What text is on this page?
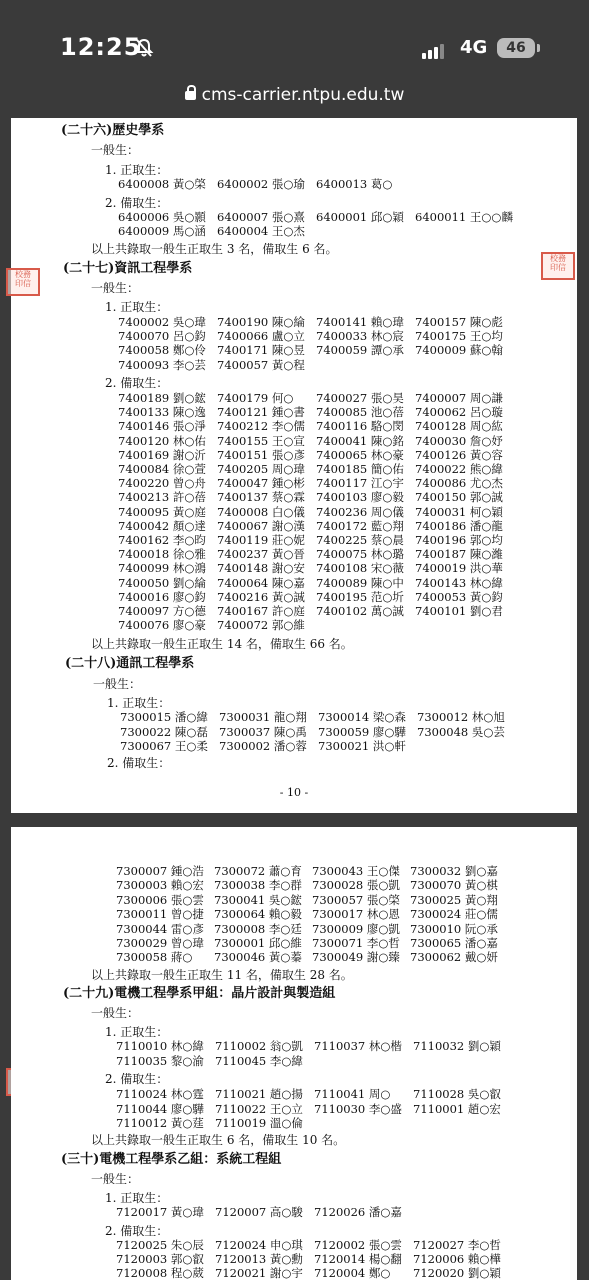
12:25	4G	46
cms-carrier.ntpu.edu.tw
(二十六)歷史學系
一般生：
1. 正取生：
6400008 黃○棨 6400002 張○瑜 6400013 葛○
2. 備取生：
6400006 吳○顥 6400007 張○熹 6400001 邱○穎 6400011 王○○麟
6400009 馬○涵 6400004 王○杰
以上共錄取一般生正取生 3 名，備取生 6 名。
(二十七)資訊工程學系
一般生：
1. 正取生：
7400002 吳○瑋 7400190 陳○綸 7400141 賴○瑋 7400157 陳○彪
7400070 呂○鈞 7400066 盧○立 7400033 林○宸 7400175 王○均
7400058 鄭○伶 7400171 陳○昱 7400059 譚○承 7400009 蘇○翰
7400093 李○芸 7400057 黃○程
2. 備取生：
7400189 劉○鋐 7400179 何○ 7400027 張○昊 7400007 周○謙
7400133 陳○逸 7400121 鍾○書 7400085 池○蓓 7400062 呂○璇
7400146 張○淨 7400212 李○儒 7400116 駱○閔 7400128 周○紘
7400120 林○佑 7400155 王○宣 7400041 陳○銘 7400030 詹○妤
7400169 謝○沂 7400151 張○彥 7400065 林○豪 7400126 黃○容
7400084 徐○萱 7400205 周○瑋 7400185 簡○佑 7400022 熊○緯
7400220 曾○舟 7400047 鍾○彬 7400117 江○宇 7400086 尤○杰
7400213 許○蓓 7400137 蔡○霖 7400103 廖○毅 7400150 郭○誠
7400095 黃○庭 7400008 白○儀 7400236 周○儀 7400031 柯○穎
7400042 顏○達 7400067 謝○漢 7400172 藍○翔 7400186 潘○龍
7400162 李○昀 7400119 莊○妮 7400225 蔡○晨 7400196 郭○均
7400018 徐○雅 7400237 黃○晉 7400075 林○璐 7400187 陳○濰
7400099 林○鴻 7400148 謝○安 7400108 宋○薇 7400019 洪○華
7400050 劉○綸 7400064 陳○嘉 7400089 陳○中 7400143 林○緯
7400016 廖○鈞 7400216 黃○誠 7400195 范○圻 7400053 黃○鈞
7400097 方○德 7400167 許○庭 7400102 萬○誠 7400101 劉○君
7400076 廖○豪 7400072 郭○維
以上共錄取一般生正取生 14 名，備取生 66 名。
(二十八)通訊工程學系
一般生：
1. 正取生：
7300015 潘○緯 7300031 龍○翔 7300014 梁○森 7300012 林○旭
7300022 陳○磊 7300037 陳○禹 7300059 廖○驊 7300048 吳○芸
7300067 王○柔 7300002 潘○蓉 7300021 洪○軒
2. 備取生：
- 10 -
校務
印信
校務
印信
7300007 鍾○浩 7300072 蕭○育 7300043 王○傑 7300032 劉○嘉
7300003 賴○宏 7300038 李○群 7300028 張○凱 7300070 黃○棋
7300006 張○雲 7300041 吳○鋐 7300057 張○棨 7300025 黃○翔
7300011 曾○捷 7300064 賴○毅 7300017 林○恩 7300024 莊○儒
7300044 雷○彥 7300008 李○廷 7300009 廖○凱 7300010 阮○承
7300029 曾○瑋 7300001 邱○維 7300071 李○哲 7300065 潘○嘉
7300058 蔣○ 7300046 黃○蓁 7300049 謝○臻 7300062 戴○妍
以上共錄取一般生正取生 11 名，備取生 28 名。
(二十九)電機工程學系甲組：晶片設計與製造組
一般生：
1. 正取生：
7110010 林○緯 7110002 翁○凱 7110037 林○楷 7110032 劉○穎
7110035 黎○渝 7110045 李○緯
2. 備取生：
7110024 林○霆 7110021 趙○揚 7110041 周○ 7110028 吳○叡
7110044 廖○驊 7110022 王○立 7110030 李○盛 7110001 趙○宏
7110012 黃○莛 7110019 溫○倫
以上共錄取一般生正取生 6 名，備取生 10 名。
(三十)電機工程學系乙組：系統工程組
一般生：
1. 正取生：
7120017 黃○瑋 7120007 高○駿 7120026 潘○嘉
2. 備取生：
7120025 朱○辰 7120024 申○琪 7120002 張○雲 7120027 李○哲
7120003 郭○叡 7120013 黃○勳 7120014 楊○翻 7120006 賴○樺
7120008 程○葳 7120021 謝○宇 7120004 鄭○ 7120020 劉○穎
